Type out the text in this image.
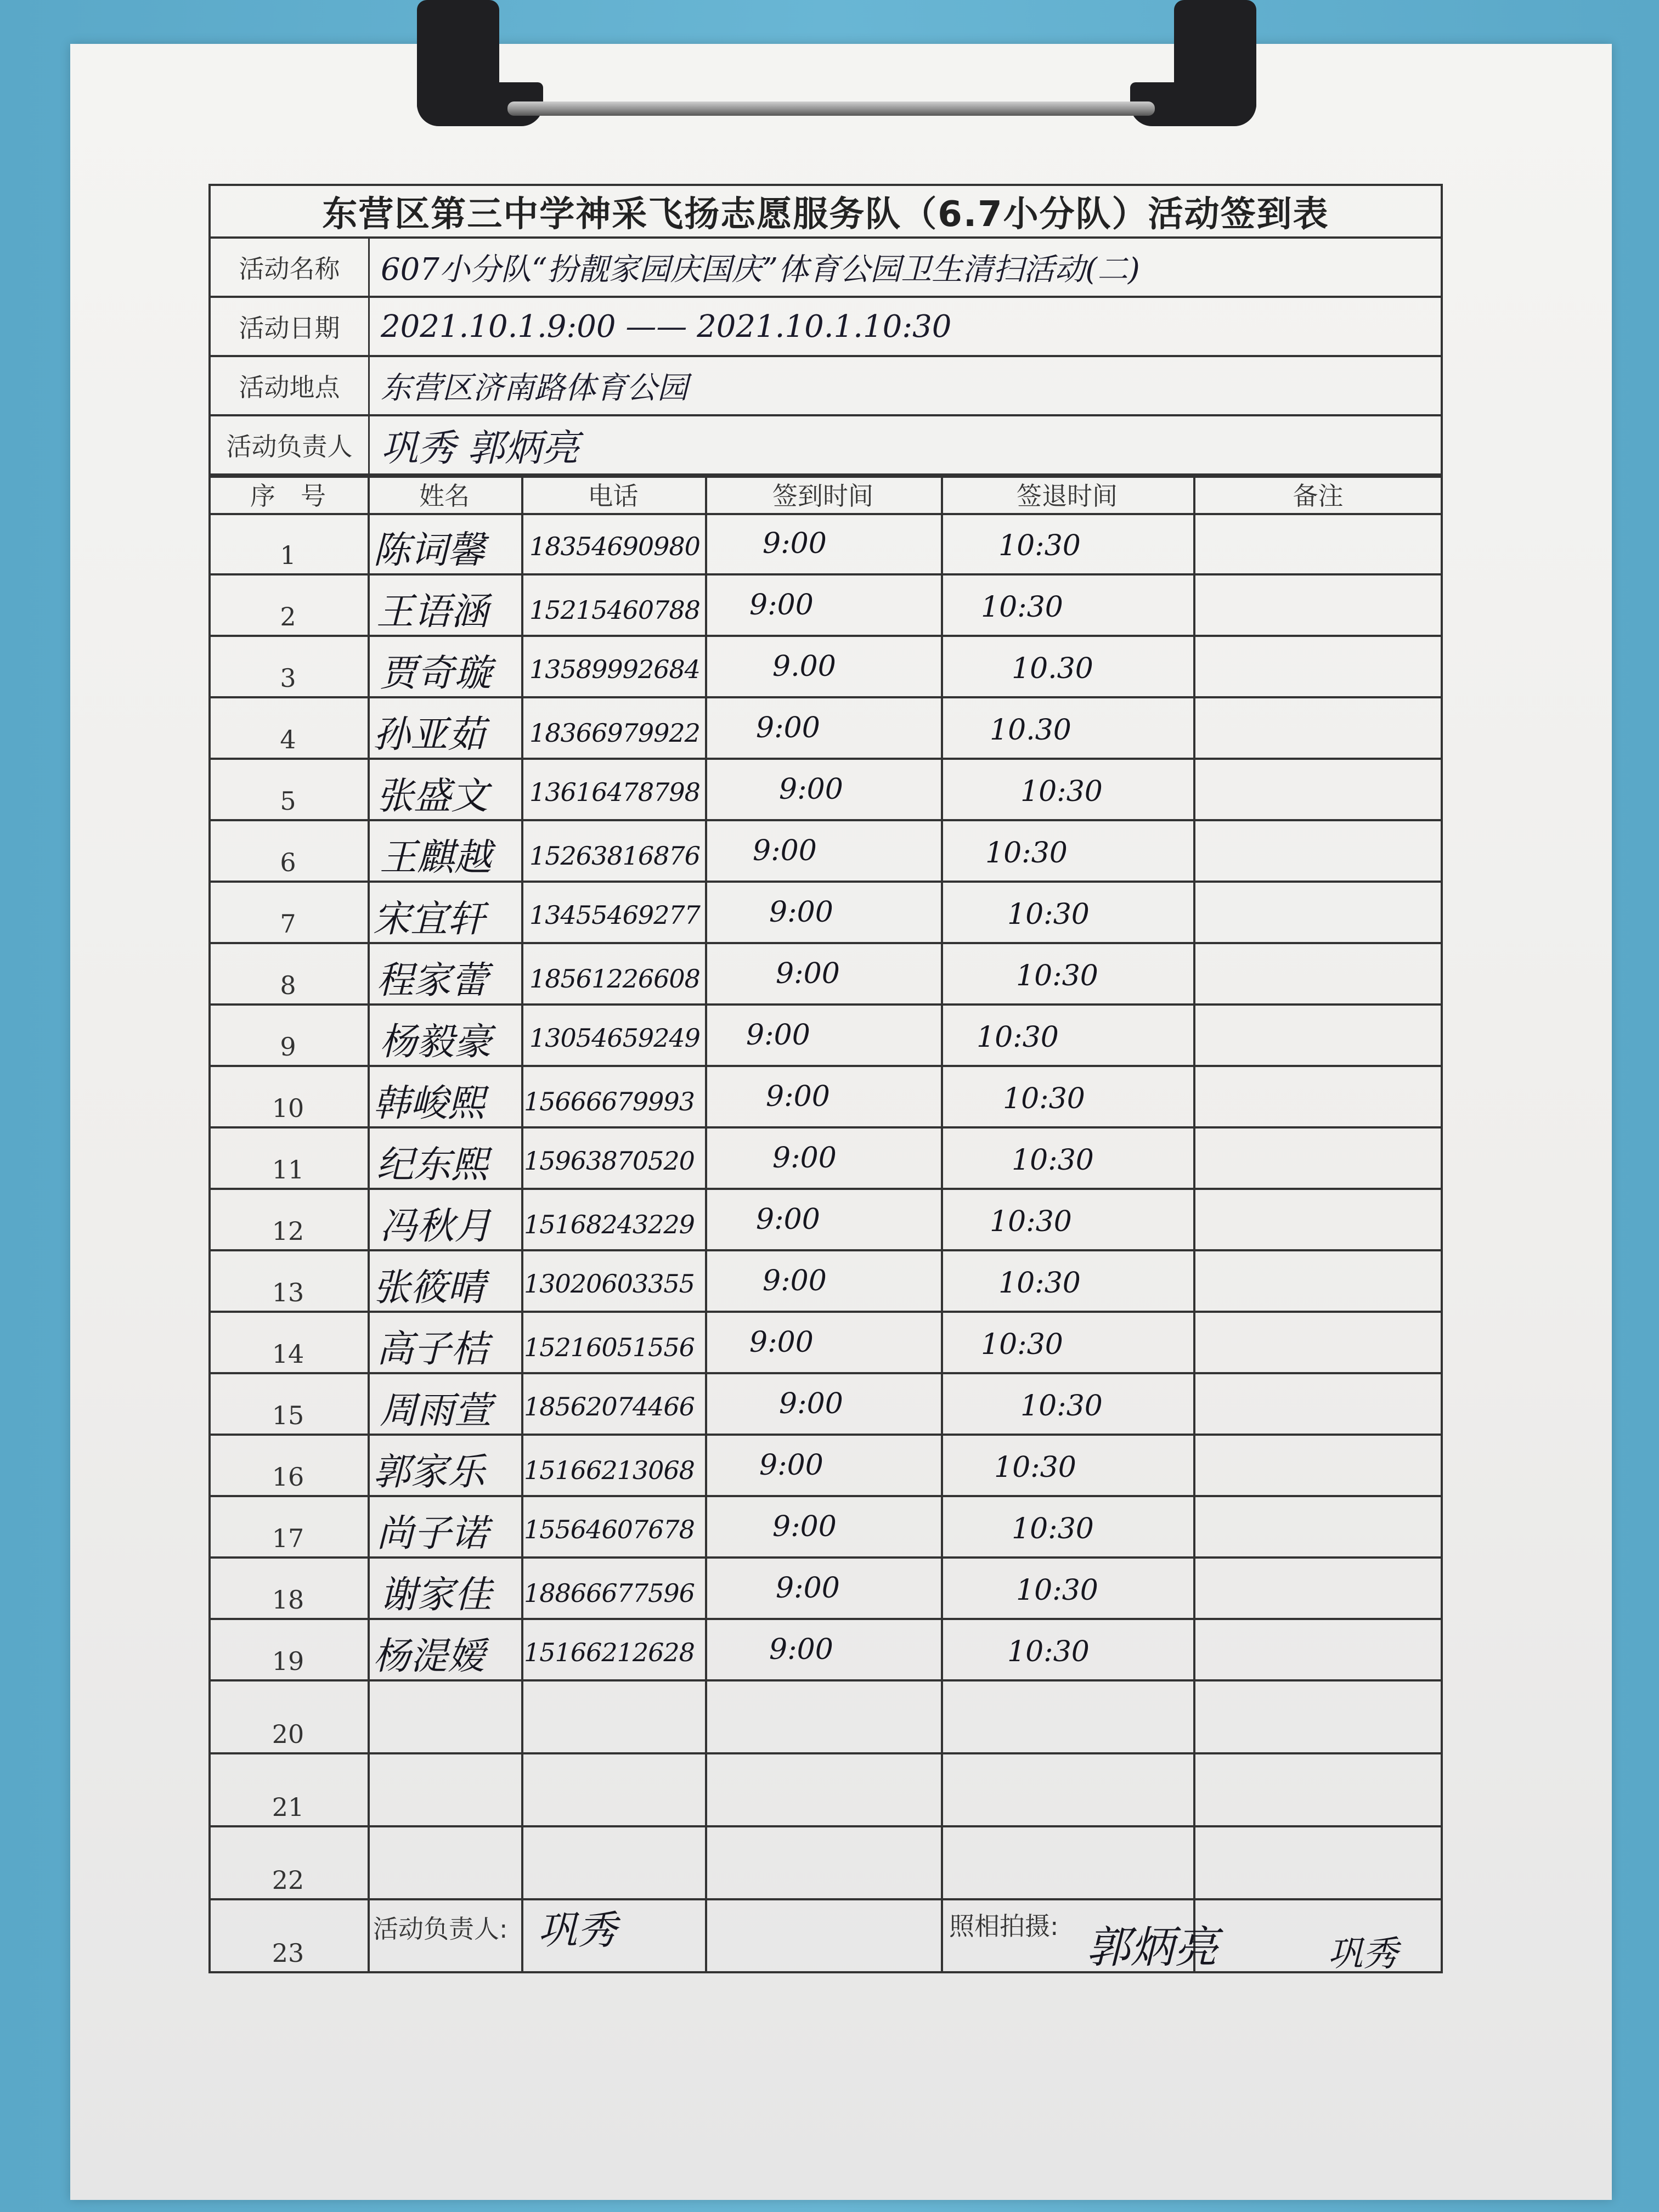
东营区第三中学神采飞扬志愿服务队（6.7小分队）活动签到表
活动名称	607小分队“扮靓家园庆国庆”体育公园卫生清扫活动(二)
活动日期	2021.10.1.9:00 —— 2021.10.1.10:30
活动地点	东营区济南路体育公园
活动负责人 巩秀 郭炳亮
序　号	姓名	电话	签到时间	签退时间	备注
1	陈词馨 18354690980 9:00	10:30
2	王语涵 15215460788 9:00	10:30
3	贾奇璇 13589992684	9.00	10.30
4	孙亚茹 18366979922 9:00	10.30
5	张盛文 13616478798	9:00	10:30
6	王麒越 15263816876 9:00	10:30
7	宋宜轩 13455469277 9:00	10:30
8	程家蕾 18561226608	9:00	10:30
9	杨毅豪 13054659249 9:00	10:30
10	韩峻熙 15666679993	9:00	10:30
11	纪东熙 15963870520	9:00	10:30
12	冯秋月 15168243229 9:00	10:30
13	张筱晴 13020603355 9:00	10:30
14	高子桔 15216051556 9:00	10:30
15	周雨萱 18562074466	9:00	10:30
16	郭家乐 15166213068 9:00	10:30
17	尚子诺 15564607678	9:00	10:30
18	谢家佳 18866677596	9:00	10:30
19	杨湜嫒 15166212628	9:00	10:30
20
21
22
23
活动负责人: 巩秀	照相拍摄: 郭炳亮	巩秀
